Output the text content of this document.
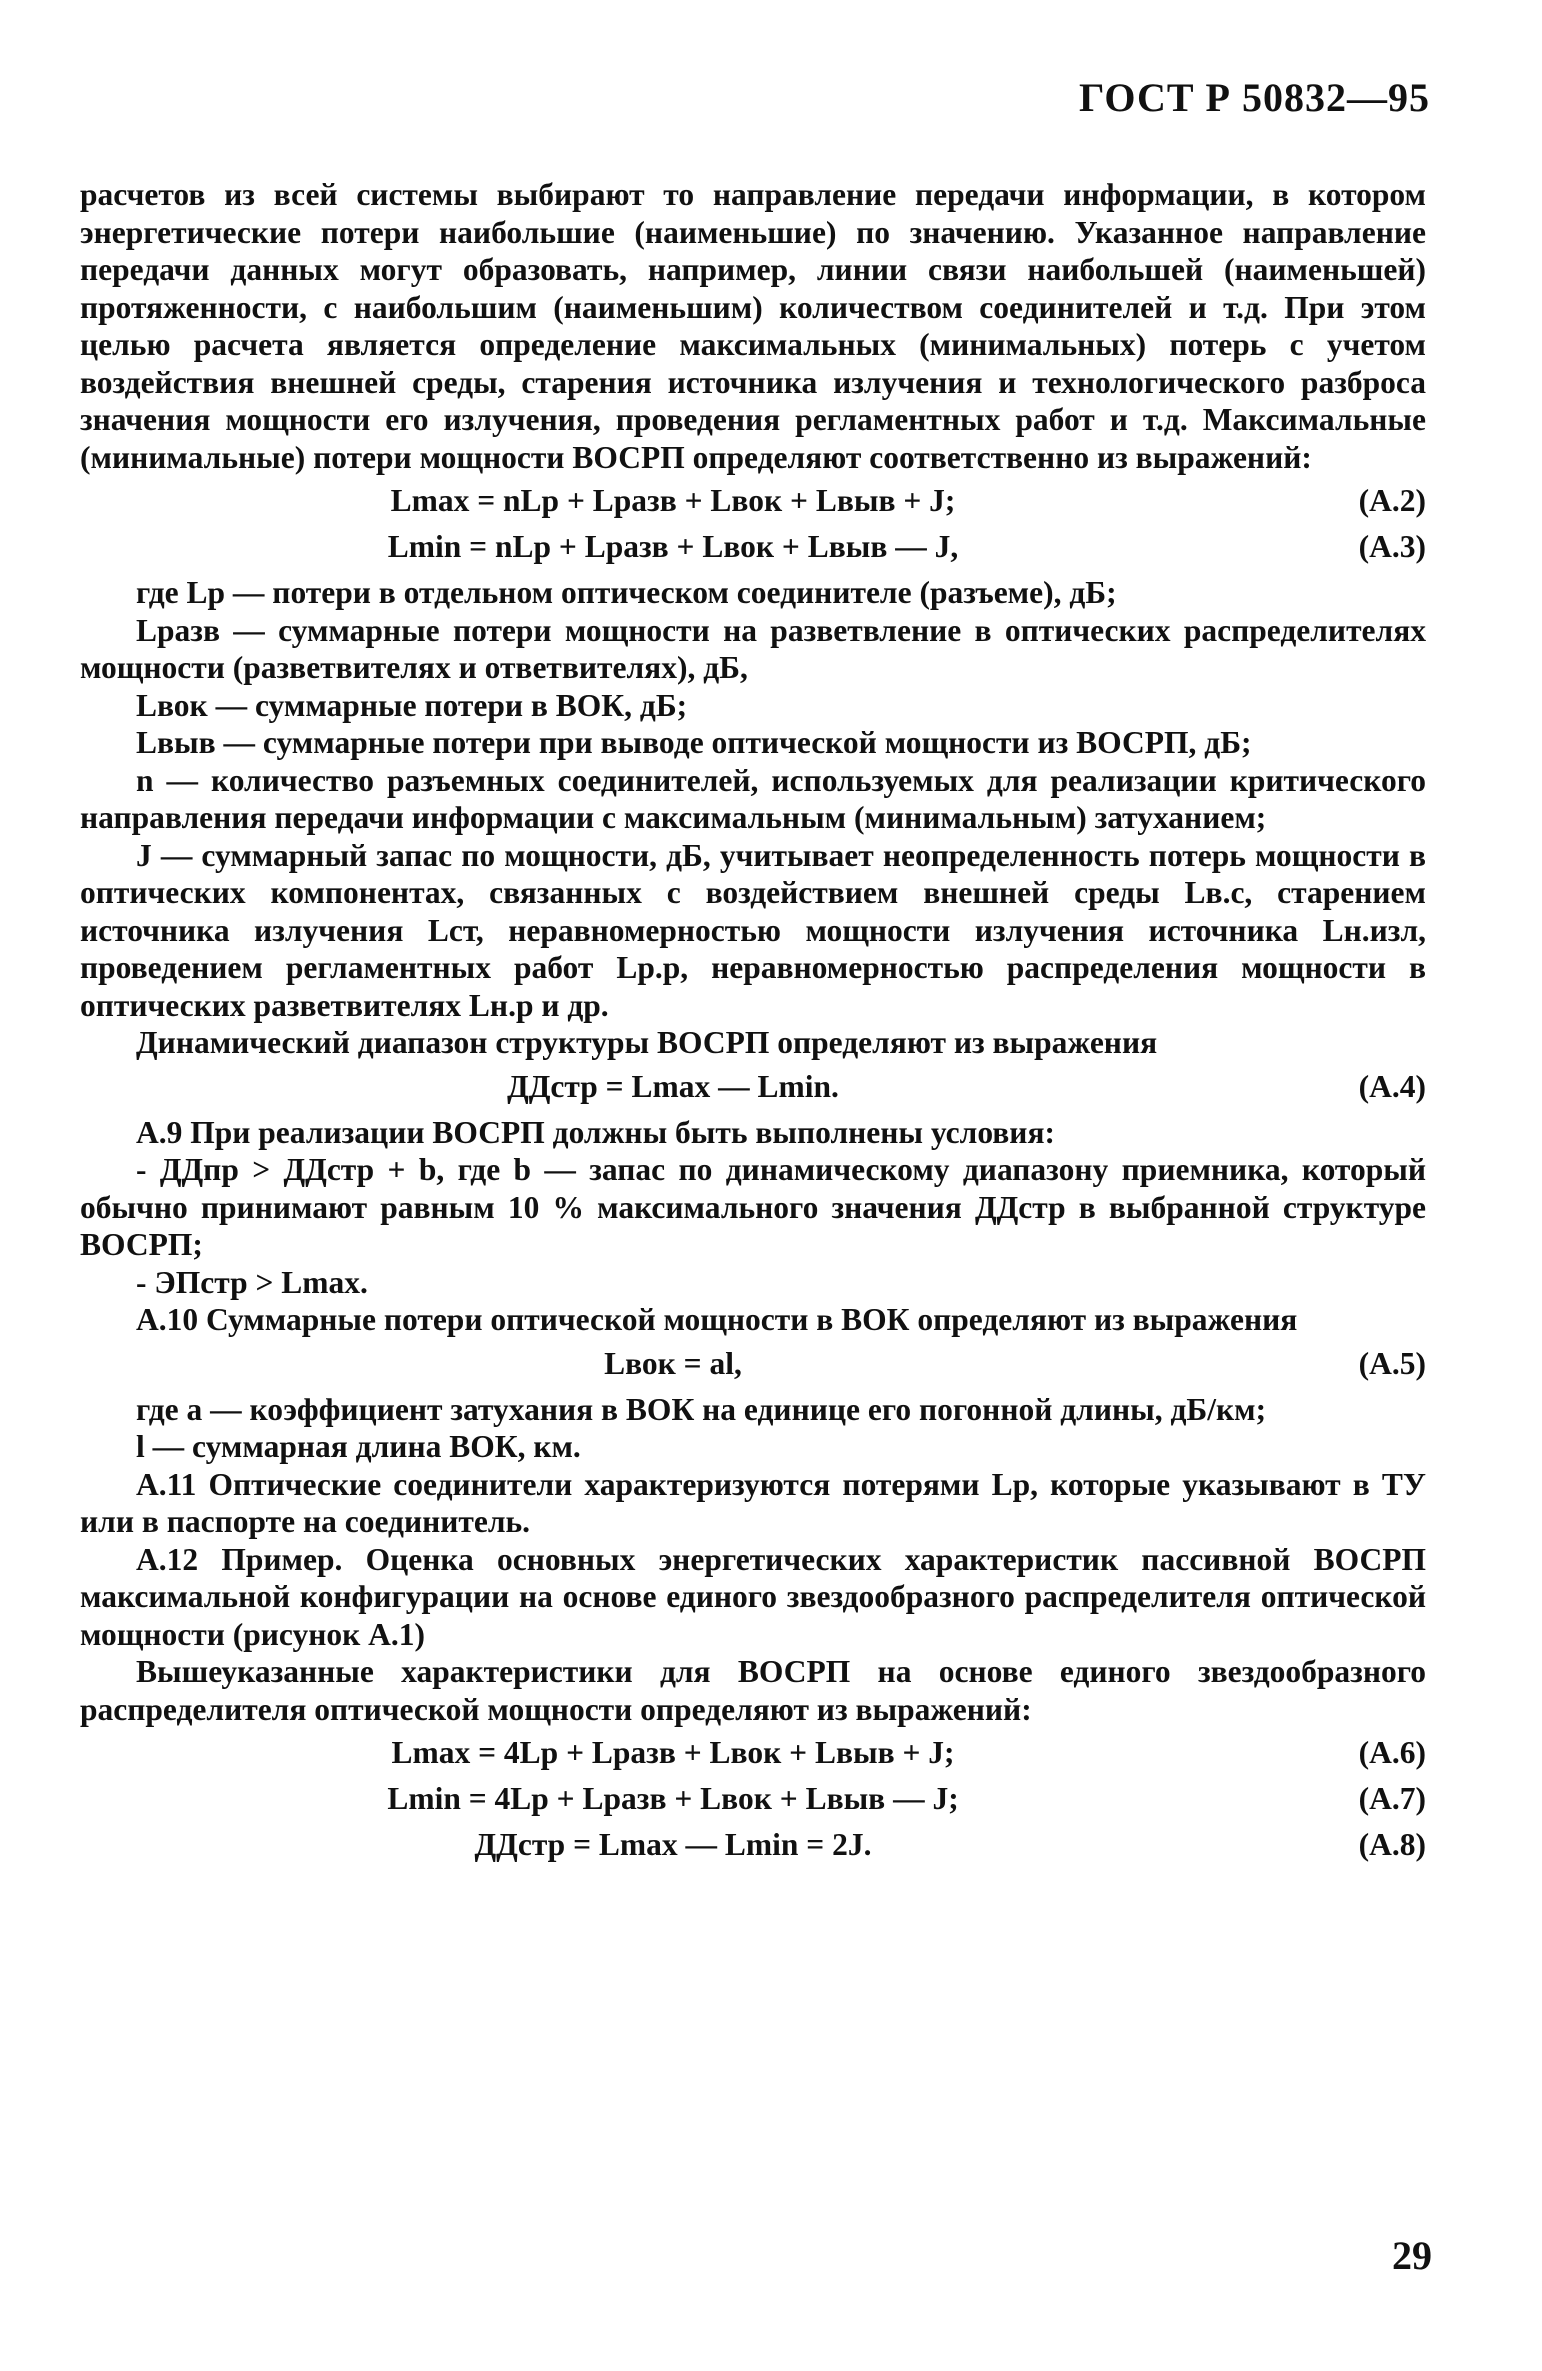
ГОСТ Р 50832—95

расчетов из всей системы выбирают то направление передачи информации, в котором энергетические потери наибольшие (наименьшие) по значению. Указанное направление передачи данных могут образовать, например, линии связи наибольшей (наименьшей) протяженности, с наибольшим (наименьшим) количеством соединителей и т.д. При этом целью расчета является определение максимальных (минимальных) потерь с учетом воздействия внешней среды, старения источника излучения и технологического разброса значения мощности его излучения, проведения регламентных работ и т.д. Максимальные (минимальные) потери мощности ВОСРП определяют соответственно из выражений:

Lmax = nLp + Lразв + Lвок + Lвыв + J;	(А.2)
Lmin = nLp + Lразв + Lвок + Lвыв — J,	(А.3)

где Lp — потери в отдельном оптическом соединителе (разъеме), дБ;

Lразв — суммарные потери мощности на разветвление в оптических распределителях мощности (разветвителях и ответвителях), дБ,

Lвок — суммарные потери в ВОК, дБ;

Lвыв — суммарные потери при выводе оптической мощности из ВОСРП, дБ;

n — количество разъемных соединителей, используемых для реализации критического направления передачи информации с максимальным (минимальным) затуханием;

J — суммарный запас по мощности, дБ, учитывает неопределенность потерь мощности в оптических компонентах, связанных с воздействием внешней среды Lв.с, старением источника излучения Lст, неравномерностью мощности излучения источника Lн.изл, проведением регламентных работ Lр.р, неравномерностью распределения мощности в оптических разветвителях Lн.р и др.

Динамический диапазон структуры ВОСРП определяют из выражения

ДДстр = Lmax — Lmin.	(А.4)

А.9 При реализации ВОСРП должны быть выполнены условия:

- ДДпр > ДДстр + b, где b — запас по динамическому диапазону приемника, который обычно принимают равным 10 % максимального значения ДДстр в выбранной структуре ВОСРП;

- ЭПстр > Lmax.

А.10 Суммарные потери оптической мощности в ВОК определяют из выражения

Lвок = al,	(А.5)

где a — коэффициент затухания в ВОК на единице его погонной длины, дБ/км;

l — суммарная длина ВОК, км.

А.11 Оптические соединители характеризуются потерями Lp, которые указывают в ТУ или в паспорте на соединитель.

А.12 Пример. Оценка основных энергетических характеристик пассивной ВОСРП максимальной конфигурации на основе единого звездообразного распределителя оптической мощности (рисунок А.1)

Вышеуказанные характеристики для ВОСРП на основе единого звездообразного распределителя оптической мощности определяют из выражений:

Lmax = 4Lp + Lразв + Lвок + Lвыв + J;	(А.6)
Lmin = 4Lp + Lразв + Lвок + Lвыв — J;	(А.7)
ДДстр = Lmax — Lmin = 2J.	(А.8)
29
